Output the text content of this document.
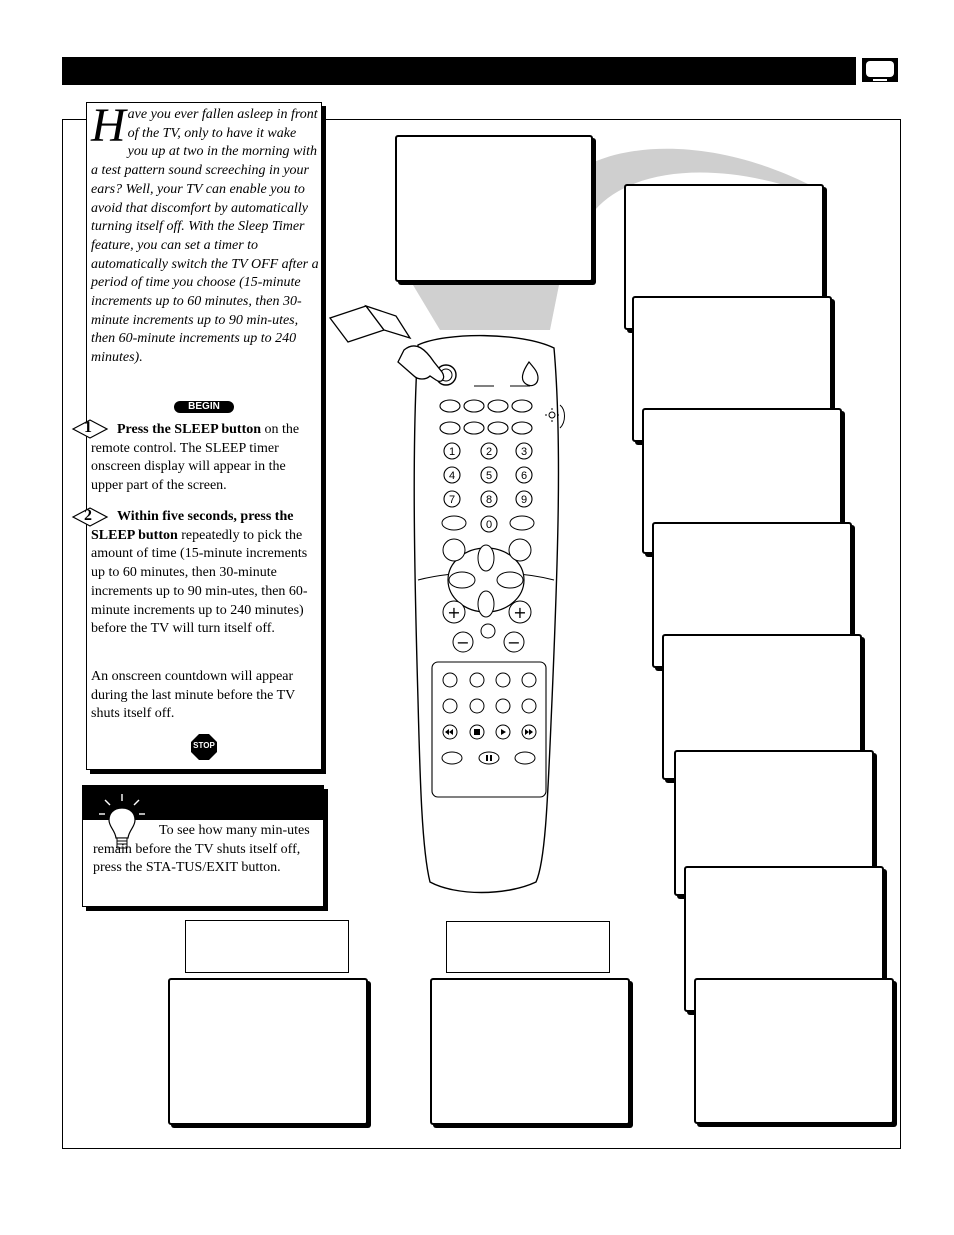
Have you ever fallen asleep in front of the TV, only to have it wake you up at two in the morning with a test pattern sound screeching in your ears? Well, your TV can enable you to avoid that discomfort by automatically turning itself off. With the Sleep Timer feature, you can set a timer to automatically switch the TV OFF after a period of time you choose (15-minute increments up to 60 minutes, then 30-minute increments up to 90 min-utes, then 60-minute increments up to 240 minutes).
1	Press the SLEEP button on the remote control. The SLEEP timer onscreen display will appear in the upper part of the screen.
2	Within five seconds, press the SLEEP button repeatedly to pick the amount of time (15-minute increments up to 60 minutes, then 30-minute increments up to 90 min-utes, then 60-minute increments up to 240 minutes) before the TV will turn itself off.
An onscreen countdown will appear during the last minute before the TV shuts itself off.
BEGIN
STOP
To see how many min-utes remain before the TV shuts itself off, press the STA-TUS/EXIT button.
1	2	3
4	5	6
7	8	9
0
+	+
− −
